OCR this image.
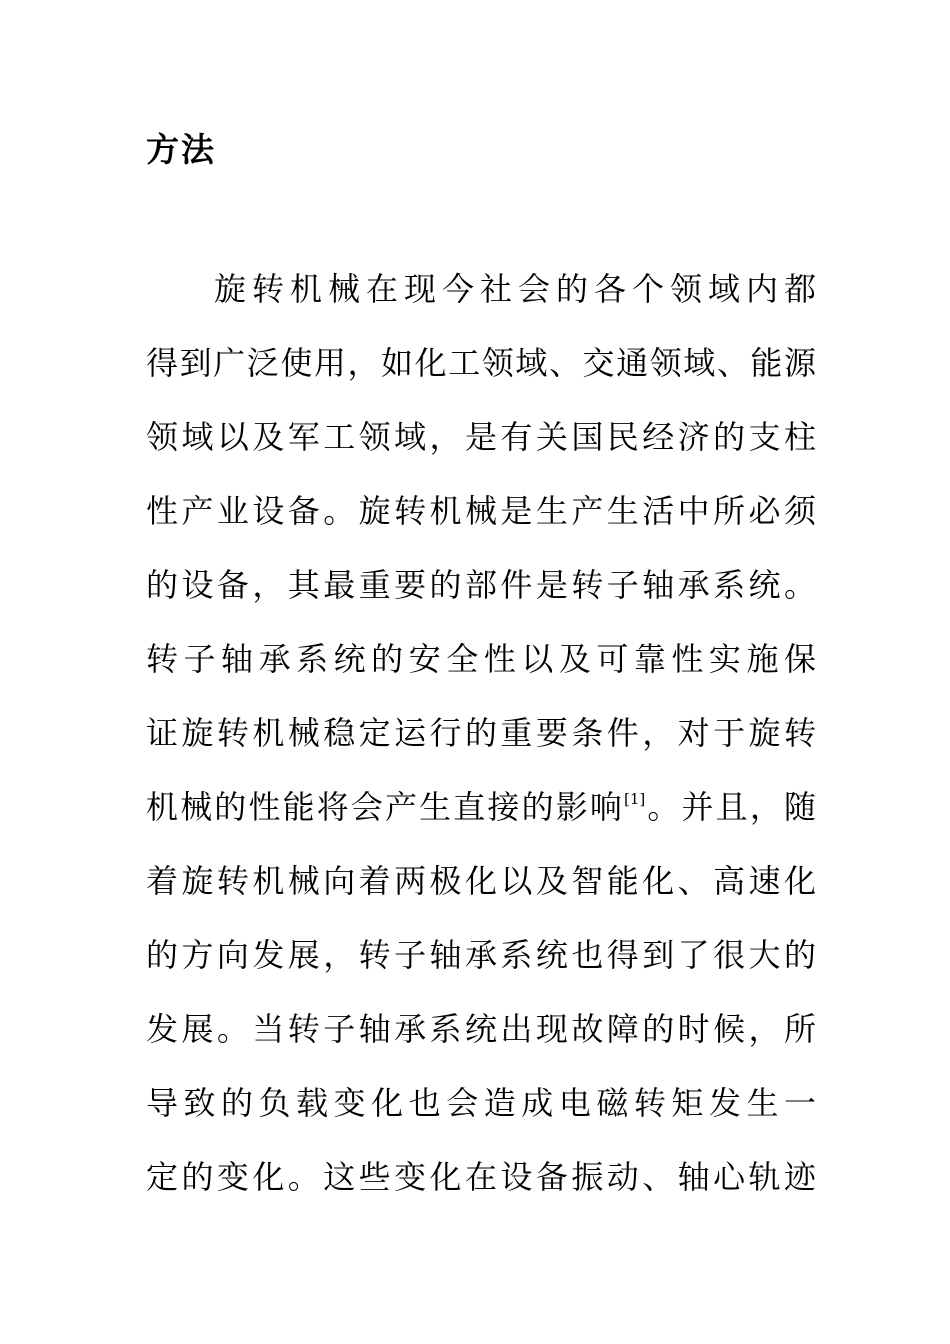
方法
旋转机械在现今社会的各个领域内都
得到广泛使用，如化工领域、交通领域、能源
领域以及军工领域，是有关国民经济的支柱
性产业设备。旋转机械是生产生活中所必须
的设备，其最重要的部件是转子轴承系统。
转子轴承系统的安全性以及可靠性实施保
证旋转机械稳定运行的重要条件，对于旋转
机械的性能将会产生直接的影响[1]。并且，随
着旋转机械向着两极化以及智能化、高速化
的方向发展，转子轴承系统也得到了很大的
发展。当转子轴承系统出现故障的时候，所
导致的负载变化也会造成电磁转矩发生一
定的变化。这些变化在设备振动、轴心轨迹
